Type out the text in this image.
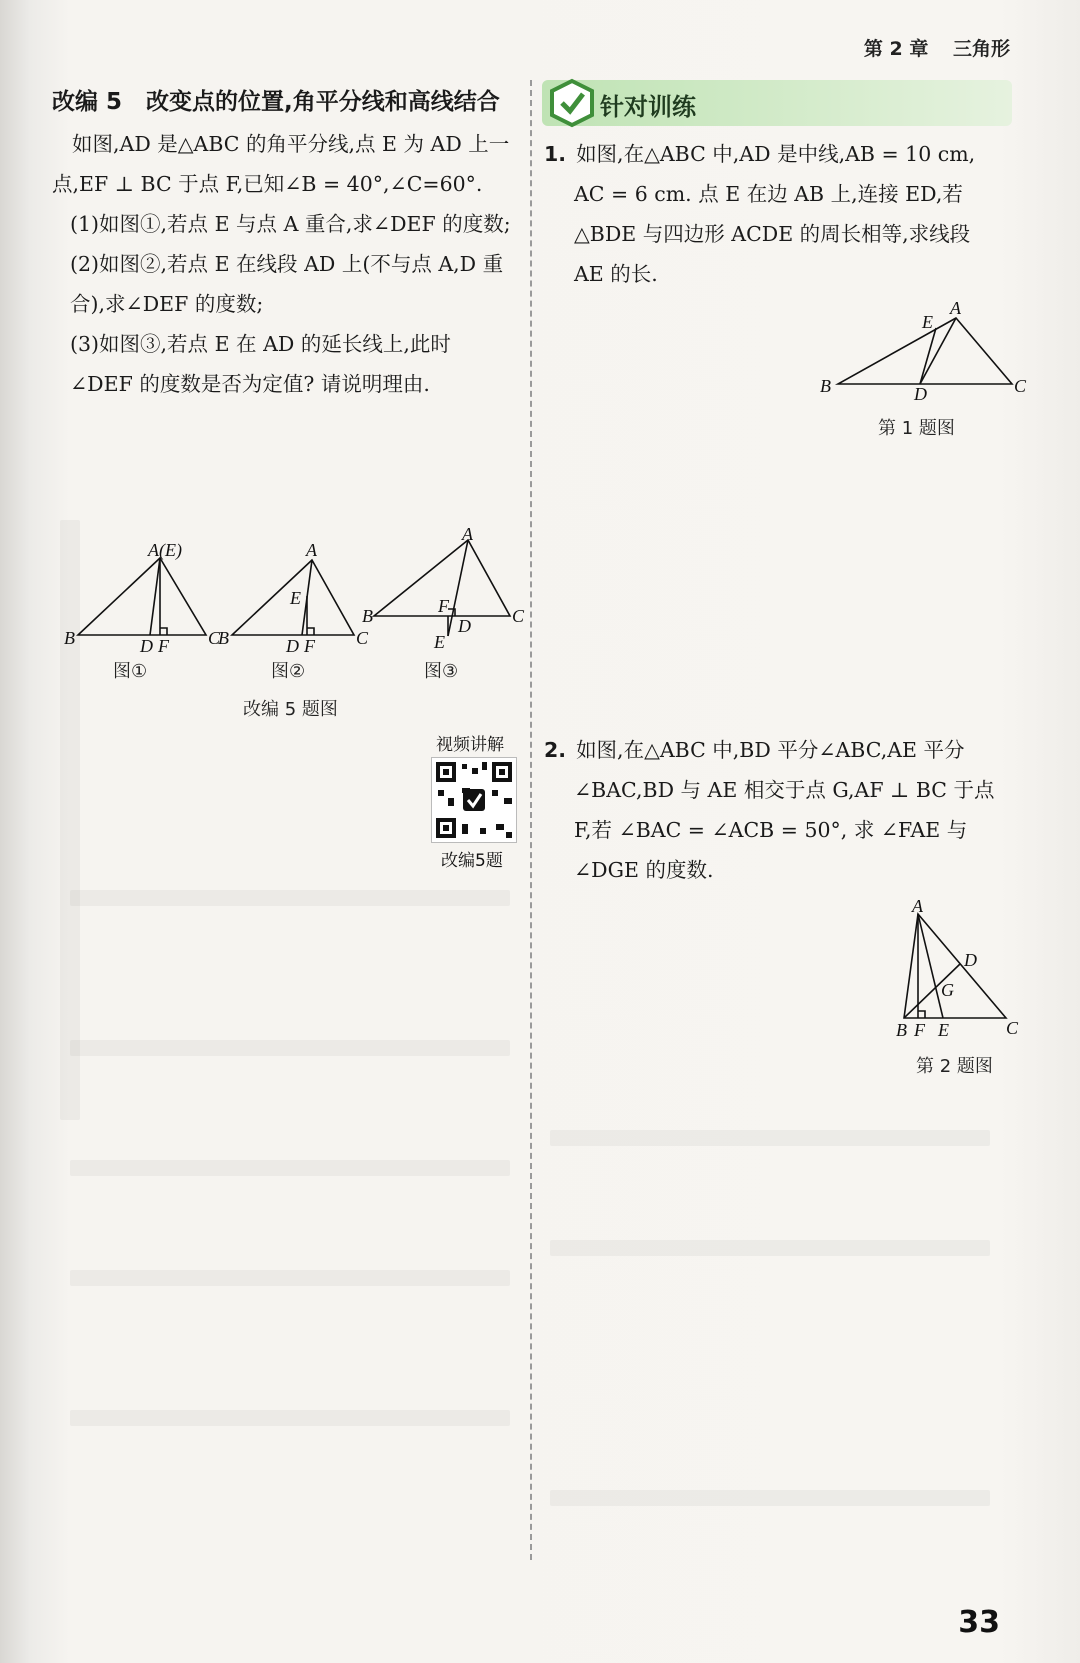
第 2 章 三角形
改编 5	改变点的位置,角平分线和高线结合
如图,AD 是△ABC 的角平分线,点 E 为 AD 上一点,EF ⊥ BC 于点 F,已知∠B = 40°,∠C=60°.
(1)如图①,若点 E 与点 A 重合,求∠DEF 的度数;
(2)如图②,若点 E 在线段 AD 上(不与点 A,D 重合),求∠DEF 的度数;
(3)如图③,若点 E 在 AD 的延长线上,此时∠DEF 的度数是否为定值? 请说明理由.
A(E)
B	C
D F
图①
A
B	C
E
D F
图②
A
B	C
F
D
E
图③
改编 5 题图
视频讲解
改编5题
针对训练
1. 如图,在△ABC 中,AD 是中线,AB = 10 cm,
AC = 6 cm. 点 E 在边 AB 上,连接 ED,若
△BDE 与四边形 ACDE 的周长相等,求线段
AE 的长.
A
E
B	C
D
第 1 题图
2. 如图,在△ABC 中,BD 平分∠ABC,AE 平分
∠BAC,BD 与 AE 相交于点 G,AF ⊥ BC 于点
F,若 ∠BAC = ∠ACB = 50°, 求 ∠FAE 与
∠DGE 的度数.
A
D
G
B F E	C
第 2 题图
33
